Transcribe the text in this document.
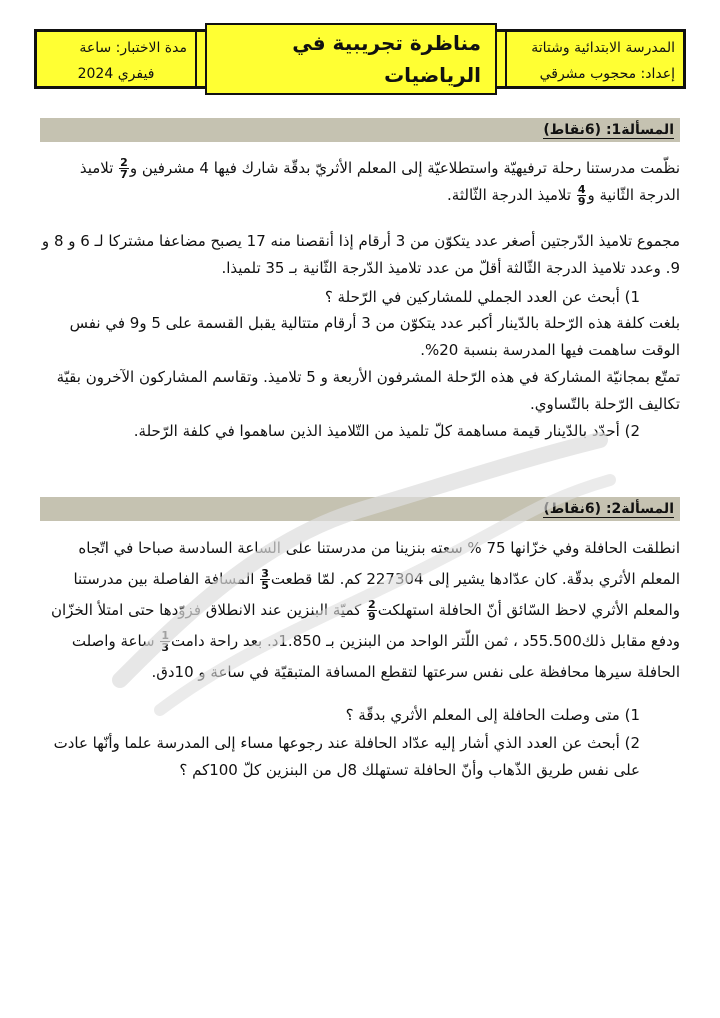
المدرسة الابتدائية وشتاتة
إعداد: محجوب مشرقي
مناظرة تجريبية في الرياضيات
مدة الاختبار: ساعة
فيفري 2024
المسألة1: (6نقاط)

نظّمت مدرستنا رحلة ترفيهيّة واستطلاعيّة إلى المعلم الأثريّ بدقّة شارك فيها 4 مشرفين و
$\frac{2}{7}$
تلاميذ الدرجة الثّانية و
$\frac{4}{9}$
تلاميذ الدرجة الثّالثة.

مجموع تلاميذ الدّرجتين أصغر عدد يتكوّن من 3 أرقام إذا أنقصنا منه 17 يصبح مضاعفا مشتركا لـ 6 و 8 و 9. وعدد تلاميذ الدرجة الثّالثة أقلّ من عدد تلاميذ الدّرجة الثّانية بـ 35 تلميذا.

1) أبحث عن العدد الجملي للمشاركين في الرّحلة ؟

بلغت كلفة هذه الرّحلة بالدّينار أكبر عدد يتكوّن من 3 أرقام متتالية يقبل القسمة على 5 و9 في نفس الوقت ساهمت فيها المدرسة بنسبة 20%.

تمتّع بمجانيّة المشاركة في هذه الرّحلة المشرفون الأربعة و 5 تلاميذ. وتقاسم المشاركون الآخرون بقيّة تكاليف الرّحلة بالتّساوي.

2) أحدّد بالدّينار قيمة مساهمة كلّ تلميذ من التّلاميذ الذين ساهموا في كلفة الرّحلة.

المسألة2: (6نقاط)

انطلقت الحافلة وفي خزّانها 75 % سعته بنزينا من مدرستنا على الساعة السادسة صباحا في اتّجاه المعلم الأثري بدقّة. كان عدّادها يشير إلى 227304 كم. لمّا قطعت
$\frac{3}{5}$
المسافة الفاصلة بين مدرستنا والمعلم الأثري لاحظ السّائق أنّ الحافلة استهلكت
$\frac{2}{9}$
كميّة البنزين عند الانطلاق فزوّدها حتى امتلأ الخزّان ودفع مقابل ذلك55.500د ، ثمن اللّتر الواحد من البنزين بـ 1.850د. بعد راحة دامت
$\frac{1}{3}$
ساعة واصلت الحافلة سيرها محافظة على نفس سرعتها لتقطع المسافة المتبقيّة في ساعة و 10دق.

1) متى وصلت الحافلة إلى المعلم الأثري بدقّة ؟

2) أبحث عن العدد الذي أشار إليه عدّاد الحافلة عند رجوعها مساء إلى المدرسة علما وأنّها عادت على نفس طريق الذّهاب وأنّ الحافلة تستهلك 8ل من البنزين كلّ 100كم ؟
